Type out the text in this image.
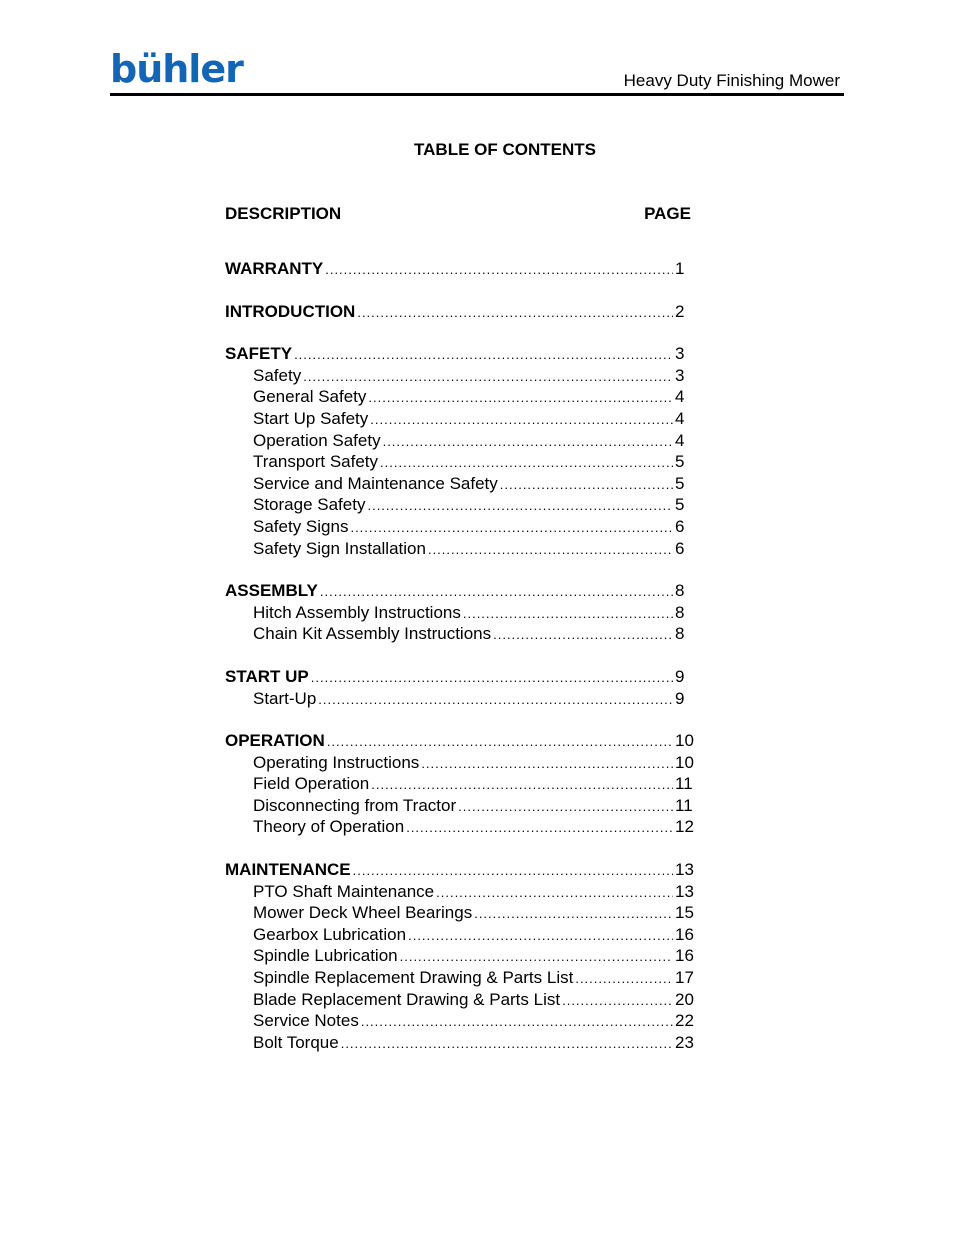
bühler	Heavy Duty Finishing Mower
TABLE OF CONTENTS
DESCRIPTION	PAGE
WARRANTY .....	1
INTRODUCTION .....	2
SAFETY .....	3
Safety .....	3
General Safety .....	4
Start Up Safety .....	4
Operation Safety .....	4
Transport Safety .....	5
Service and Maintenance Safety .....	5
Storage Safety .....	5
Safety Signs .....	6
Safety Sign Installation .....	6
ASSEMBLY .....	8
Hitch Assembly Instructions .....	8
Chain Kit Assembly Instructions .....	8
START UP .....	9
Start-Up .....	9
OPERATION .....	10
Operating Instructions .....	10
Field Operation .....	11
Disconnecting from Tractor .....	11
Theory of Operation .....	12
MAINTENANCE .....	13
PTO Shaft Maintenance .....	13
Mower Deck Wheel Bearings .....	15
Gearbox Lubrication .....	16
Spindle Lubrication .....	16
Spindle Replacement Drawing & Parts List .....	17
Blade Replacement Drawing & Parts List .....	20
Service Notes .....	22
Bolt Torque .....	23
